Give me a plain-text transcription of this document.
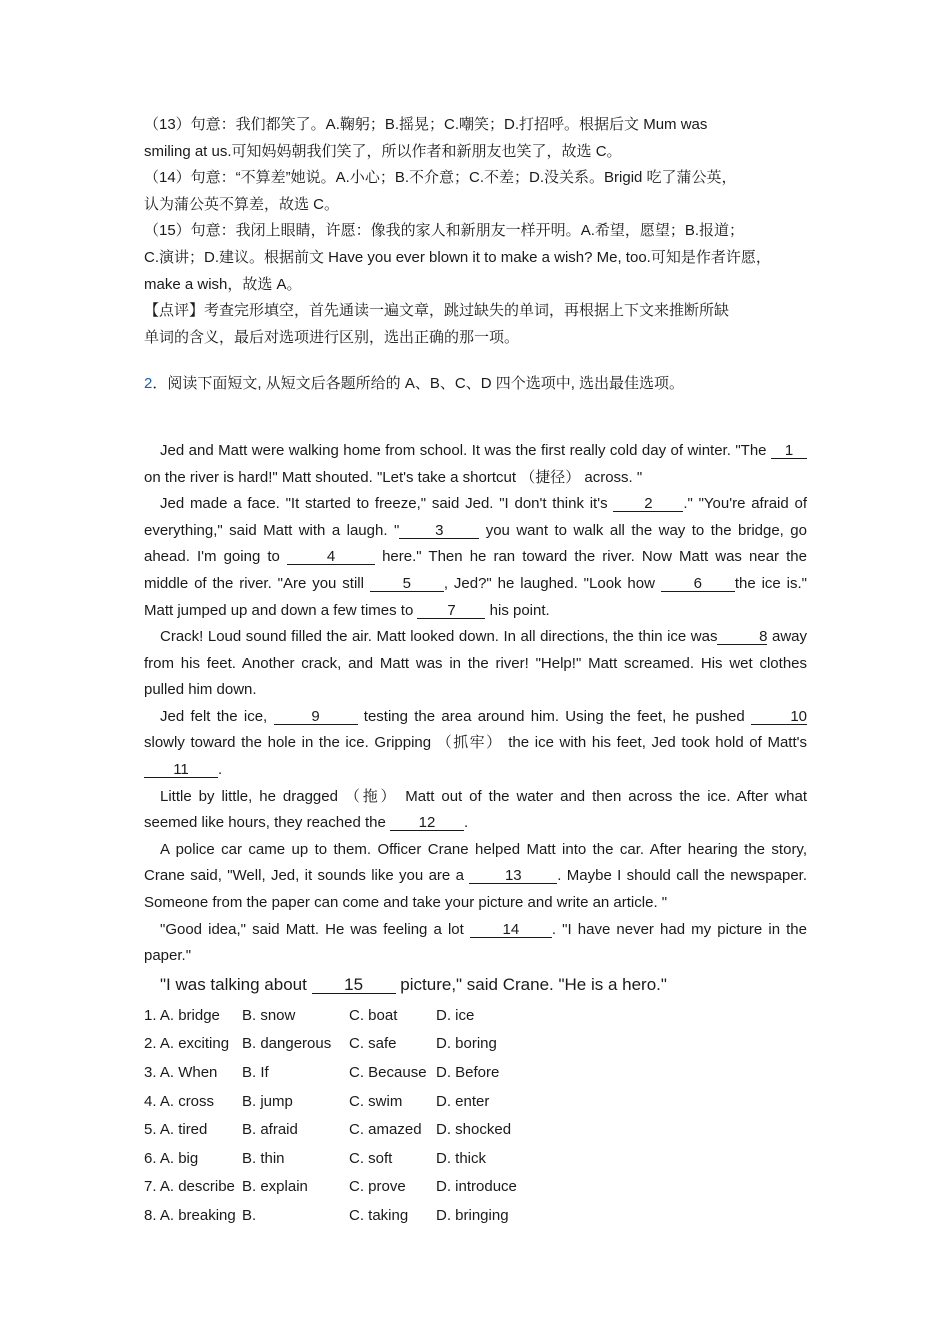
（13）句意：我们都笑了。A.鞠躬；B.摇晃；C.嘲笑；D.打招呼。根据后文 Mum was

smiling at us.可知妈妈朝我们笑了，所以作者和新朋友也笑了，故选 C。

（14）句意：“不算差”她说。A.小心；B.不介意；C.不差；D.没关系。Brigid 吃了蒲公英，

认为蒲公英不算差，故选 C。

（15）句意：我闭上眼睛，许愿：像我的家人和新朋友一样开明。A.希望，愿望；B.报道；

C.演讲；D.建议。根据前文 Have you ever blown it to make a wish? Me, too.可知是作者许愿，

make a wish，故选 A。

【点评】考查完形填空，首先通读一遍文章，跳过缺失的单词，再根据上下文来推断所缺

单词的含义，最后对选项进行区别，选出正确的那一项。

2．阅读下面短文, 从短文后各题所给的 A、B、C、D 四个选项中, 选出最佳选项。

Jed and Matt were walking home from school. It was the first really cold day of winter. "The 1 on the river is hard!" Matt shouted. "Let's take a shortcut （捷径） across. "

Jed made a face. "It started to freeze," said Jed. "I don't think it's 2 ." "You're afraid of everything," said Matt with a laugh. " 3 you want to walk all the way to the bridge, go ahead. I'm going to	4	here." Then he ran toward the river. Now Matt was near the middle of the river. "Are you still 5 , Jed?" he laughed. "Look how 6 the ice is." Matt jumped up and down a few times to 7 his point.

Crack! Loud sound filled the air. Matt looked down. In all directions, the thin ice was	8 away from his feet. Another crack, and Matt was in the river! "Help!" Matt screamed. His wet clothes pulled him down.

Jed felt the ice,	9	testing the area around him. Using the feet, he pushed	10 slowly toward the hole in the ice. Gripping （抓牢） the ice with his feet, Jed took hold of Matt's 11 .

Little by little, he dragged （拖） Matt out of the water and then across the ice. After what seemed like hours, they reached the 12 .

A police car came up to them. Officer Crane helped Matt into the car. After hearing the story, Crane said, "Well, Jed, it sounds like you are a 13 . Maybe I should call the newspaper. Someone from the paper can come and take your picture and write an article. "

"Good idea," said Matt. He was feeling a lot 14 . "I have never had my picture in the paper."

"I was talking about 15 picture," said Crane. "He is a hero."

1. A. bridge	B. snow	C. boat	D. ice
2. A. exciting B. dangerous	C. safe	D. boring
3. A. When	B. If	C. Because D. Before
4. A. cross	B. jump	C. swim	D. enter
5. A. tired	B. afraid	C. amazed D. shocked
6. A. big	B. thin	C. soft	D. thick
7. A. describe B. explain	C. prove	D. introduce
8. A. breaking B.	C. taking	D. bringing
